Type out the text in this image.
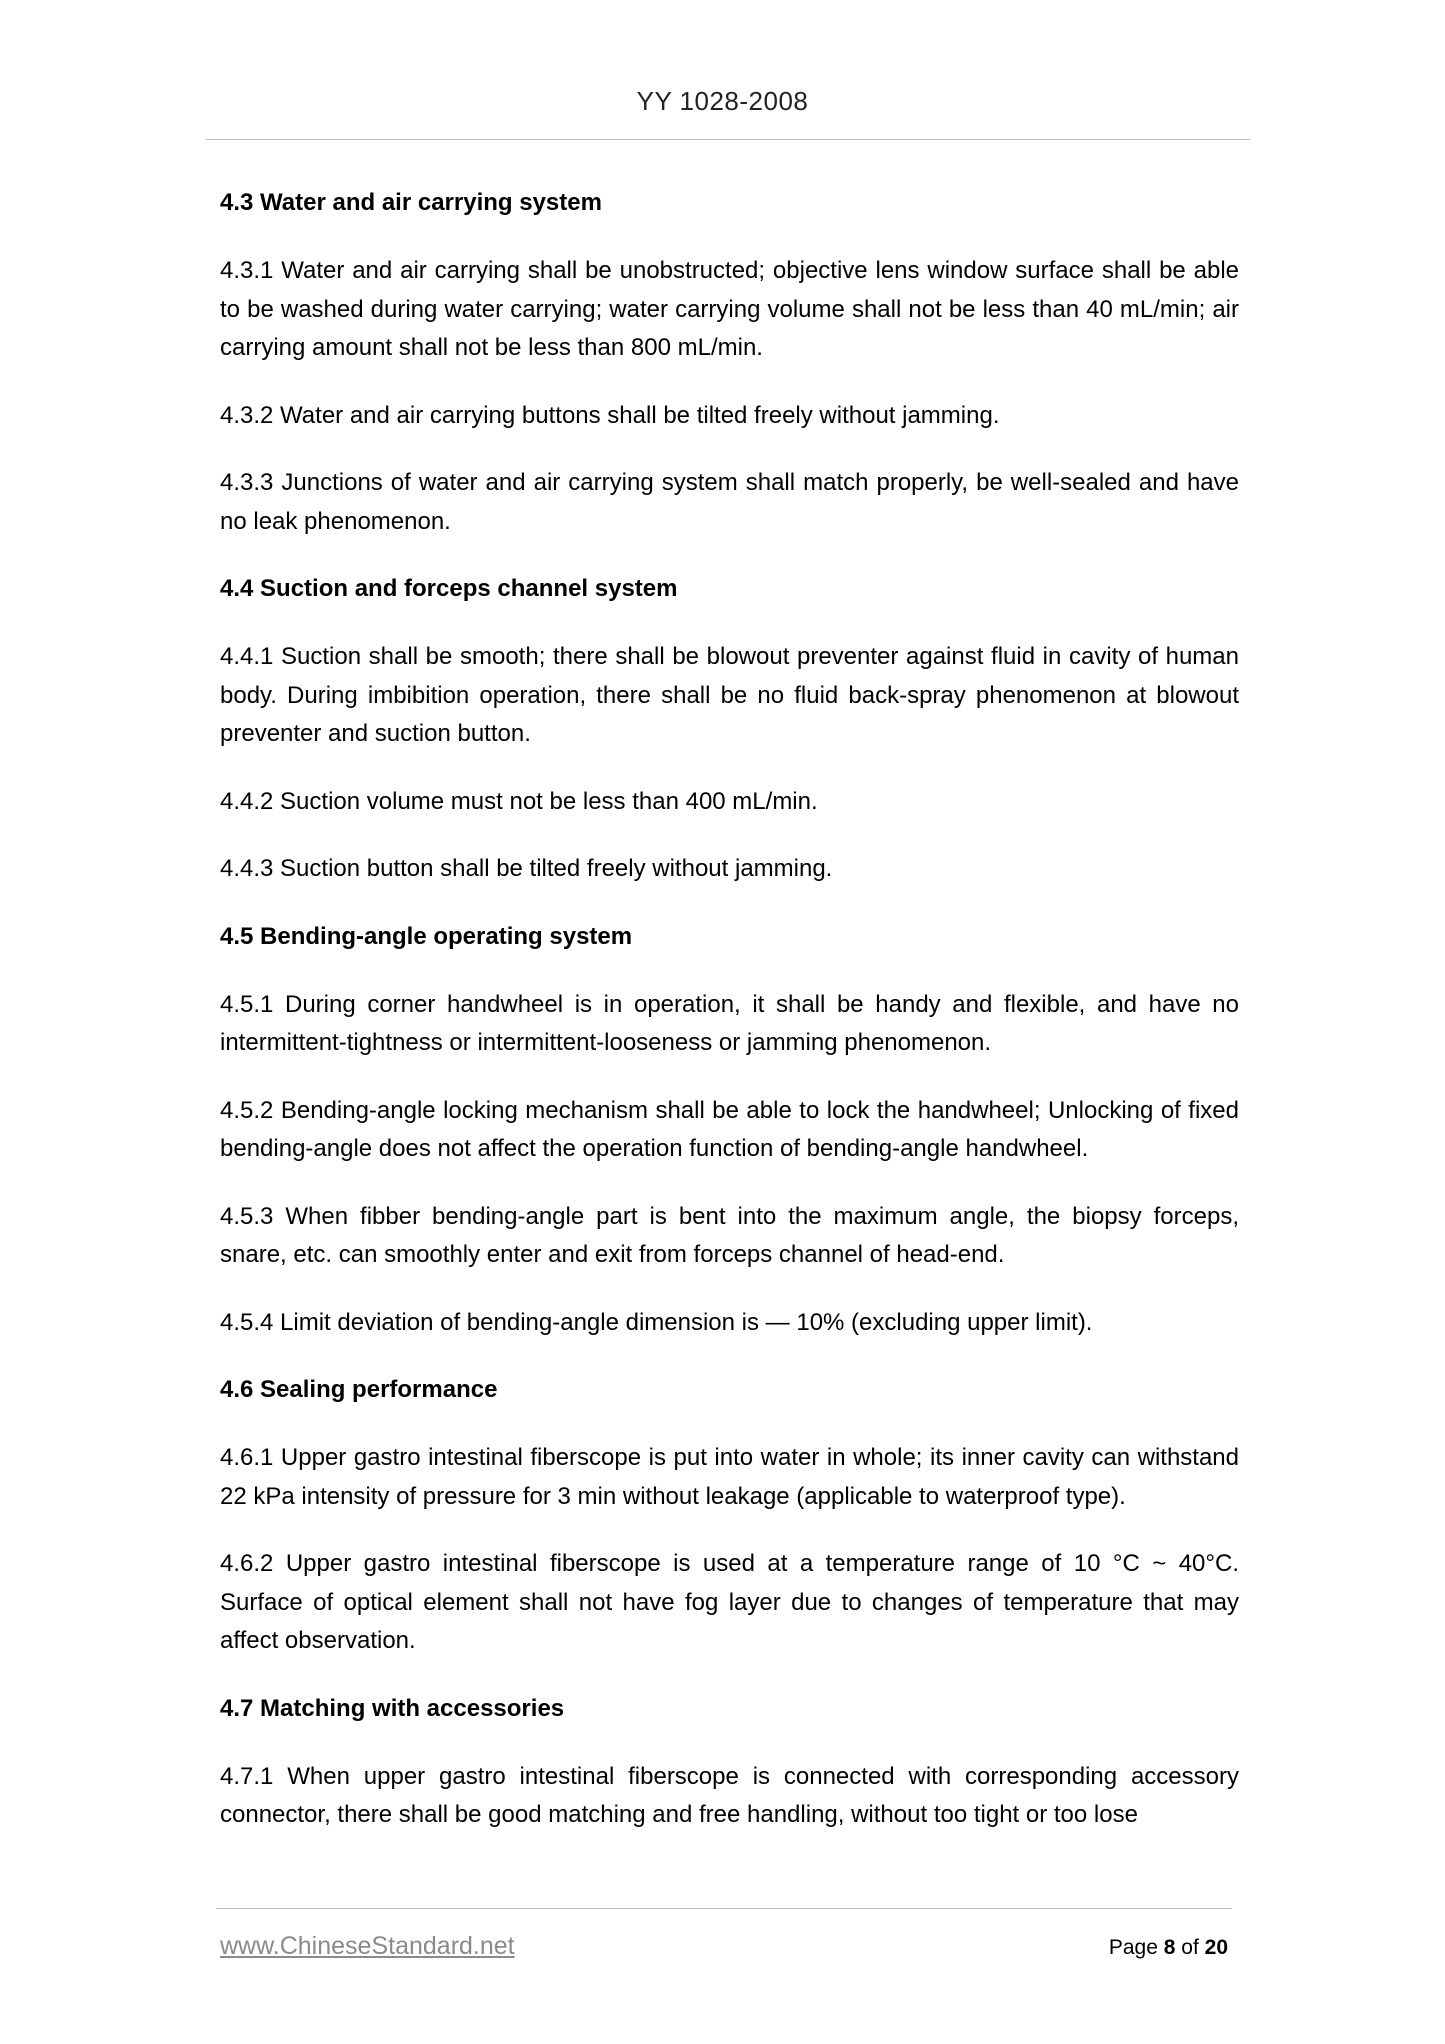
YY 1028-2008
4.3 Water and air carrying system
4.3.1 Water and air carrying shall be unobstructed; objective lens window surface shall be able to be washed during water carrying; water carrying volume shall not be less than 40 mL/min; air carrying amount shall not be less than 800 mL/min.
4.3.2 Water and air carrying buttons shall be tilted freely without jamming.
4.3.3 Junctions of water and air carrying system shall match properly, be well-sealed and have no leak phenomenon.
4.4 Suction and forceps channel system
4.4.1 Suction shall be smooth; there shall be blowout preventer against fluid in cavity of human body. During imbibition operation, there shall be no fluid back-spray phenomenon at blowout preventer and suction button.
4.4.2 Suction volume must not be less than 400 mL/min.
4.4.3 Suction button shall be tilted freely without jamming.
4.5 Bending-angle operating system
4.5.1 During corner handwheel is in operation, it shall be handy and flexible, and have no intermittent-tightness or intermittent-looseness or jamming phenomenon.
4.5.2 Bending-angle locking mechanism shall be able to lock the handwheel; Unlocking of fixed bending-angle does not affect the operation function of bending-angle handwheel.
4.5.3 When fibber bending-angle part is bent into the maximum angle, the biopsy forceps, snare, etc. can smoothly enter and exit from forceps channel of head-end.
4.5.4 Limit deviation of bending-angle dimension is — 10% (excluding upper limit).
4.6 Sealing performance
4.6.1 Upper gastro intestinal fiberscope is put into water in whole; its inner cavity can withstand 22 kPa intensity of pressure for 3 min without leakage (applicable to waterproof type).
4.6.2 Upper gastro intestinal fiberscope is used at a temperature range of 10 °C ~ 40°C. Surface of optical element shall not have fog layer due to changes of temperature that may affect observation.
4.7 Matching with accessories
4.7.1 When upper gastro intestinal fiberscope is connected with corresponding accessory connector, there shall be good matching and free handling, without too tight or too lose
www.ChineseStandard.net	Page 8 of 20
